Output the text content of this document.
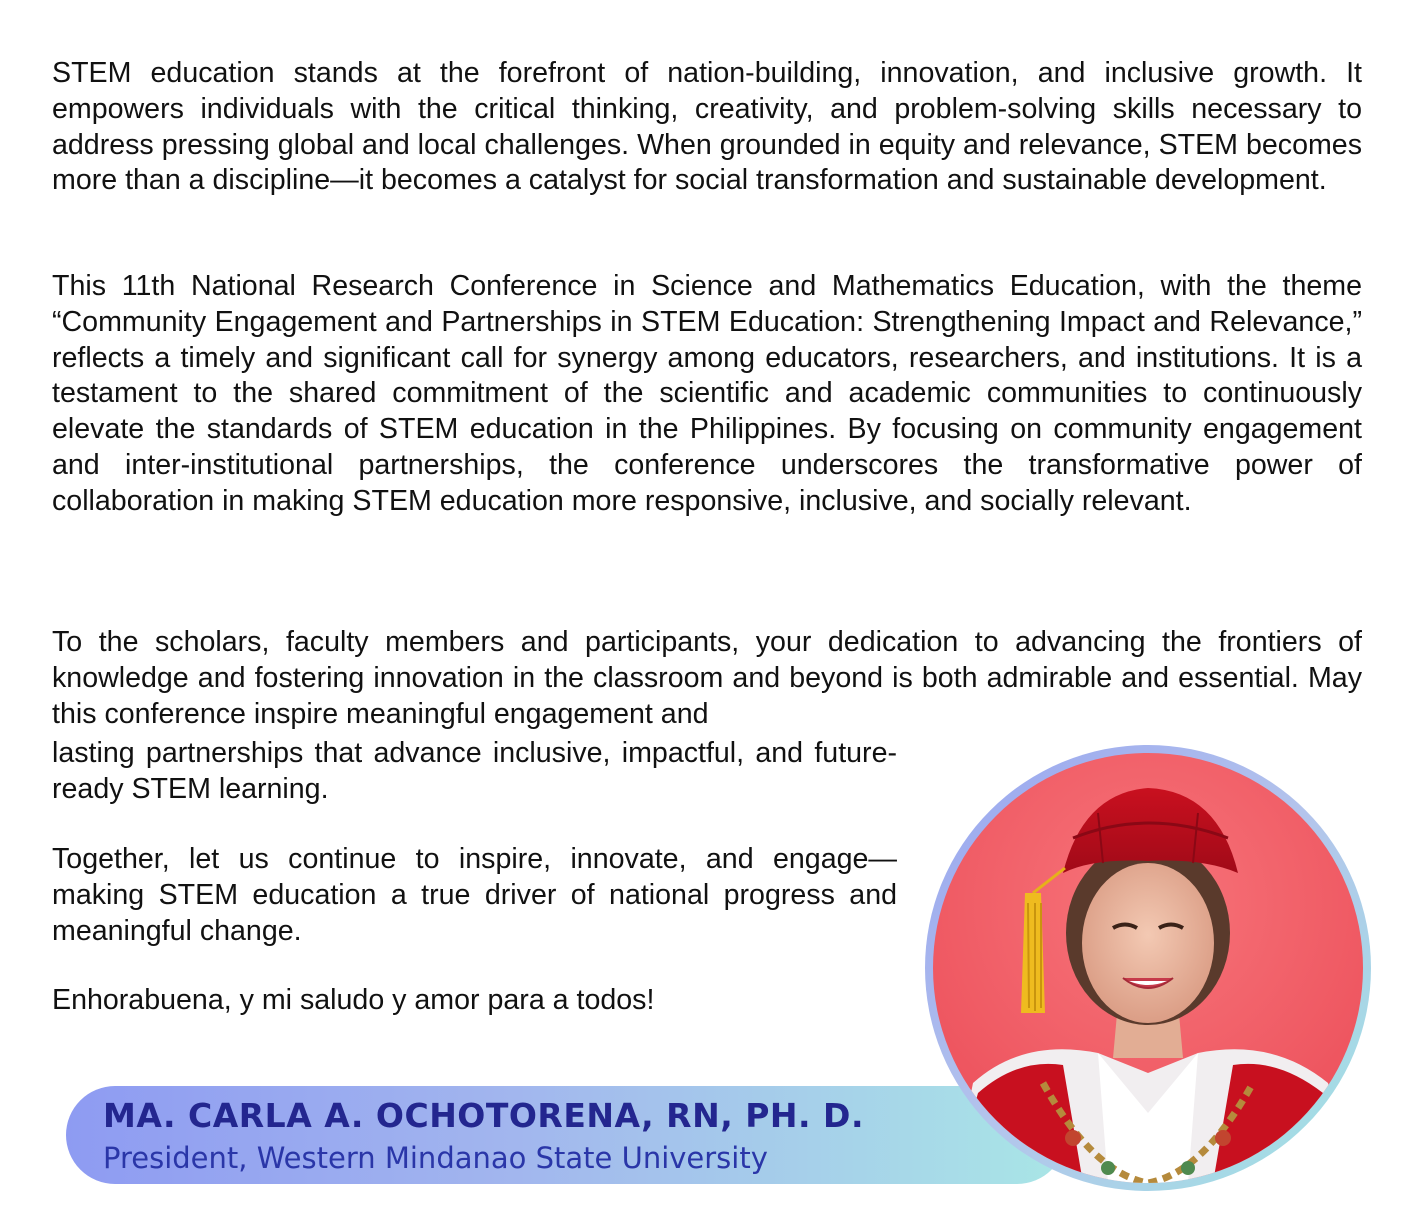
STEM education stands at the forefront of nation-building, innovation, and inclusive growth. It empowers individuals with the critical thinking, creativity, and problem-solving skills necessary to address pressing global and local challenges. When grounded in equity and relevance, STEM becomes more than a discipline—it becomes a catalyst for social transformation and sustainable development.

This 11th National Research Conference in Science and Mathematics Education, with the theme “Community Engagement and Partnerships in STEM Education: Strengthening Impact and Relevance,” reflects a timely and significant call for synergy among educators, researchers, and institutions. It is a testament to the shared commitment of the scientific and academic communities to continuously elevate the standards of STEM education in the Philippines. By focusing on community engagement and inter-institutional partnerships, the conference underscores the transformative power of collaboration in making STEM education more responsive, inclusive, and socially relevant.

To the scholars, faculty members and participants, your dedication to advancing the frontiers of knowledge and fostering innovation in the classroom and beyond is both admirable and essential. May this conference inspire meaningful engagement and

lasting partnerships that advance inclusive, impactful, and future-ready STEM learning.

Together, let us continue to inspire, innovate, and engage—making STEM education a true driver of national progress and meaningful change.

Enhorabuena, y mi saludo y amor para a todos!

MA. CARLA A. OCHOTORENA, RN, PH. D.

President, Western Mindanao State University
